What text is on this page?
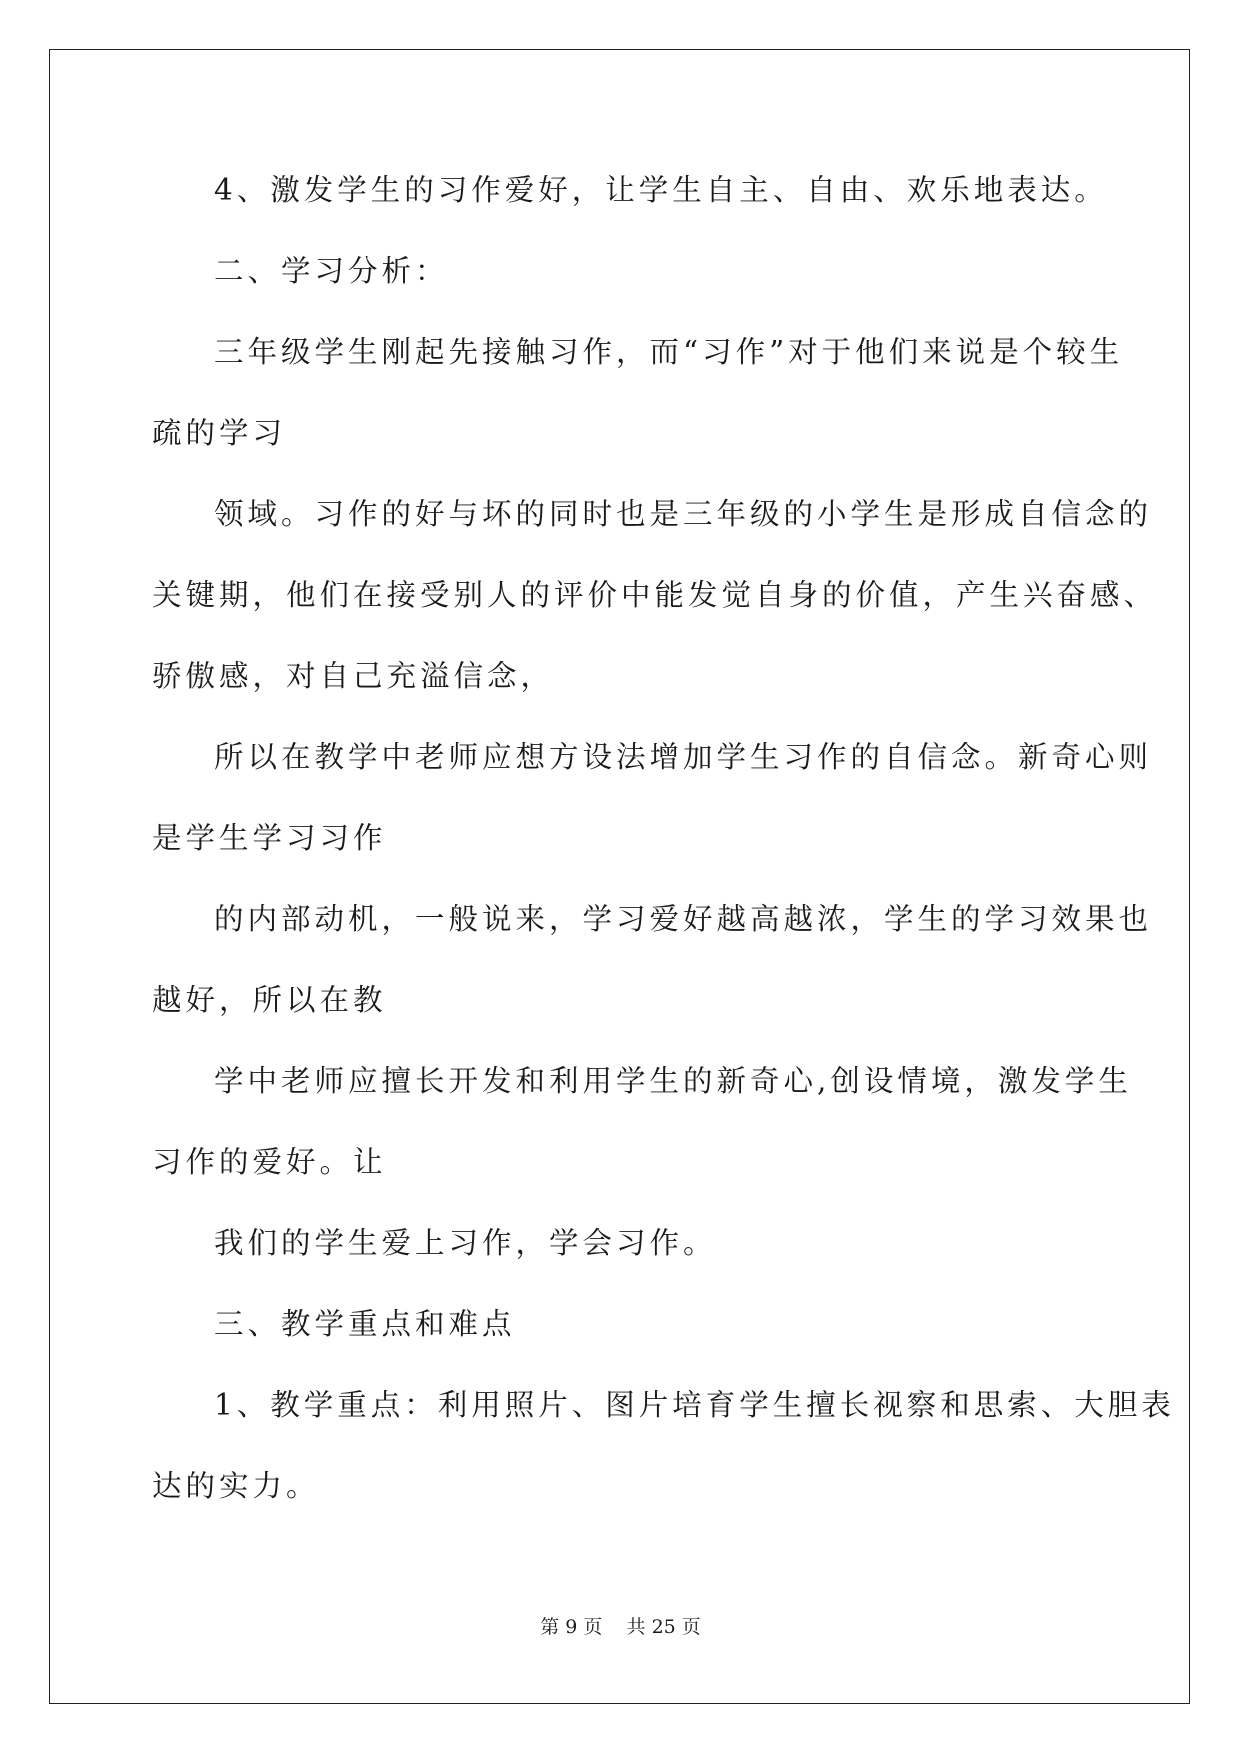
4、激发学生的习作爱好，让学生自主、自由、欢乐地表达。
二、学习分析：
三年级学生刚起先接触习作，而“习作”对于他们来说是个较生
疏的学习
领域。习作的好与坏的同时也是三年级的小学生是形成自信念的
关键期，他们在接受别人的评价中能发觉自身的价值，产生兴奋感、
骄傲感，对自己充溢信念，
所以在教学中老师应想方设法增加学生习作的自信念。新奇心则
是学生学习习作
的内部动机，一般说来，学习爱好越高越浓，学生的学习效果也
越好，所以在教
学中老师应擅长开发和利用学生的新奇心,创设情境，激发学生
习作的爱好。让
我们的学生爱上习作，学会习作。
三、教学重点和难点
1、教学重点：利用照片、图片培育学生擅长视察和思索、大胆表
达的实力。
第 9 页    共 25 页
